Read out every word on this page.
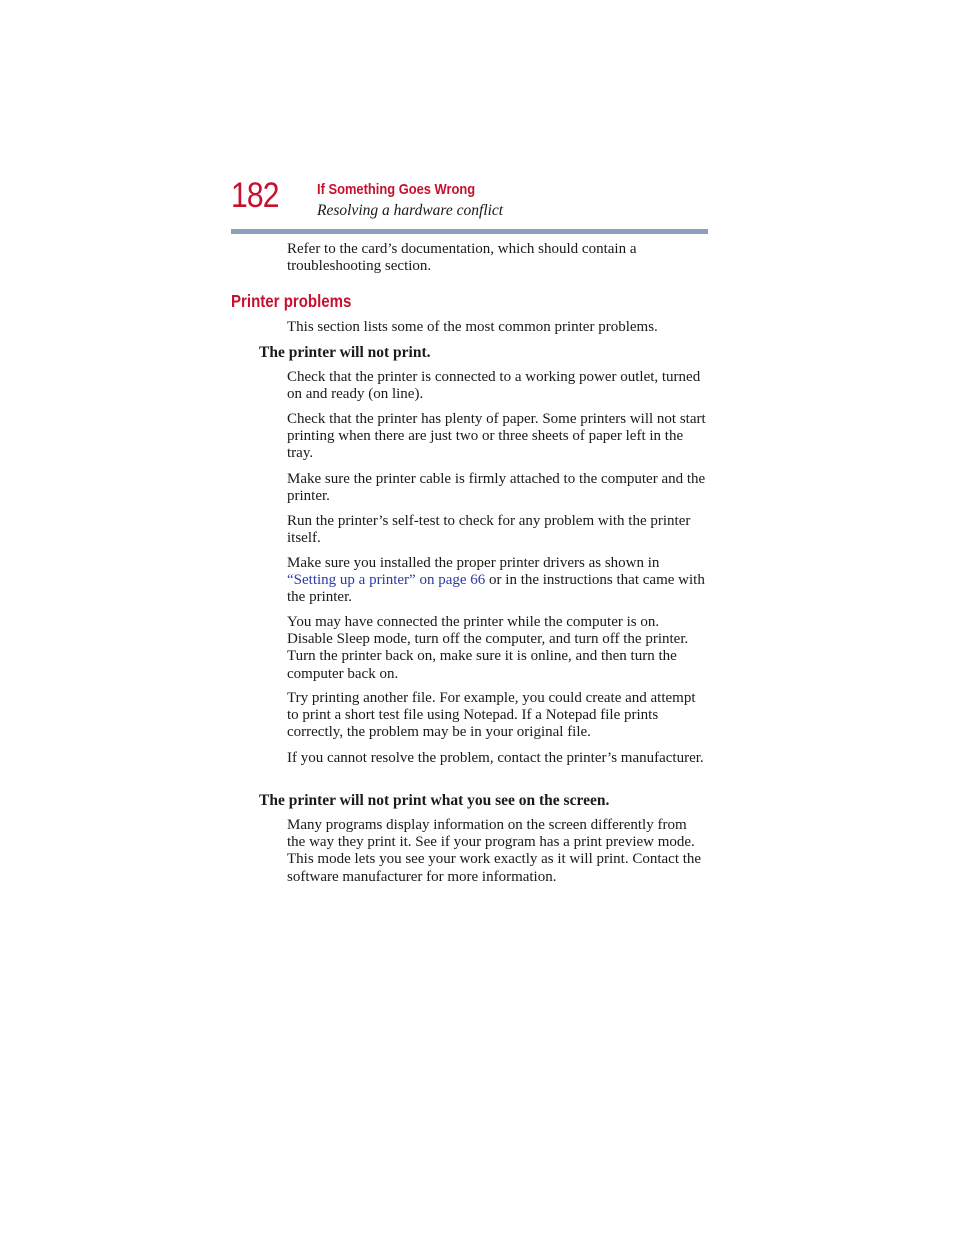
182	If Something Goes Wrong
Resolving a hardware conflict

Refer to the card’s documentation, which should contain a troubleshooting section.

Printer problems

This section lists some of the most common printer problems.

The printer will not print.

Check that the printer is connected to a working power outlet, turned on and ready (on line).

Check that the printer has plenty of paper. Some printers will not start printing when there are just two or three sheets of paper left in the tray.

Make sure the printer cable is firmly attached to the computer and the printer.

Run the printer’s self-test to check for any problem with the printer itself.

Make sure you installed the proper printer drivers as shown in “Setting up a printer” on page 66 or in the instructions that came with the printer.

You may have connected the printer while the computer is on. Disable Sleep mode, turn off the computer, and turn off the printer. Turn the printer back on, make sure it is online, and then turn the computer back on.

Try printing another file. For example, you could create and attempt to print a short test file using Notepad. If a Notepad file prints correctly, the problem may be in your original file.

If you cannot resolve the problem, contact the printer’s manufacturer.

The printer will not print what you see on the screen.

Many programs display information on the screen differently from the way they print it. See if your program has a print preview mode. This mode lets you see your work exactly as it will print. Contact the software manufacturer for more information.
